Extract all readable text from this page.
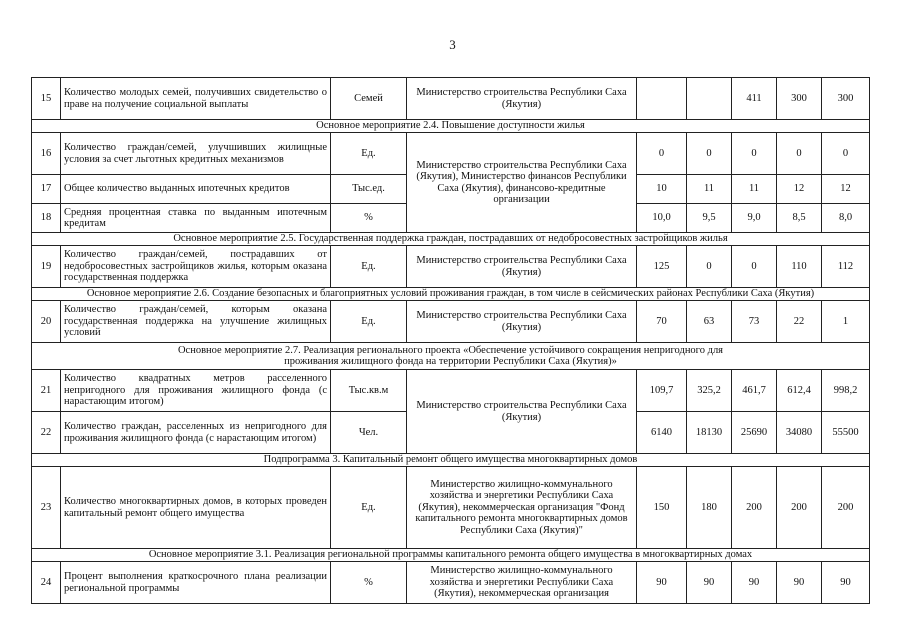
3
15	Количество молодых семей, получивших свидетельство о праве на получение социальной выплаты	Семей	Министерство строительства Республики Саха (Якутия)			411	300	300
Основное мероприятие 2.4. Повышение доступности жилья								
16	Количество граждан/семей, улучшивших жилищные условия за счет льготных кредитных механизмов	Ед.	Министерство строительства Республики Саха (Якутия), Министерство финансов Республики Саха (Якутия), финансово-кредитные организации	0	0	0	0	0
17	Общее количество выданных ипотечных кредитов	Тыс.ед.		10	11	11	12	12
18	Средняя процентная ставка по выданным ипотечным кредитам	%		10,0	9,5	9,0	8,5	8,0
Основное мероприятие 2.5. Государственная поддержка граждан, пострадавших от недобросовестных застройщиков жилья								
19	Количество граждан/семей, пострадавших от недобросовестных застройщиков жилья, которым оказана государственная поддержка	Ед.	Министерство строительства Республики Саха (Якутия)	125	0	0	110	112
Основное мероприятие 2.6. Создание безопасных и благоприятных условий проживания граждан, в том числе в сейсмических районах Республики Саха (Якутия)								
20	Количество граждан/семей, которым оказана государственная поддержка на улучшение жилищных условий	Ед.	Министерство строительства Республики Саха (Якутия)	70	63	73	22	1
Основное мероприятие 2.7. Реализация регионального проекта «Обеспечение устойчивого сокращения непригодного для проживания жилищного фонда на территории Республики Саха (Якутия)»								
21	Количество квадратных метров расселенного непригодного для проживания жилищного фонда (с нарастающим итогом)	Тыс.кв.м	Министерство строительства Республики Саха (Якутия)	109,7	325,2	461,7	612,4	998,2
22	Количество граждан, расселенных из непригодного для проживания жилищного фонда (с нарастающим итогом)	Чел.		6140	18130	25690	34080	55500
Подпрограмма 3. Капитальный ремонт общего имущества многоквартирных домов								
23	Количество многоквартирных домов, в которых проведен капитальный ремонт общего имущества	Ед.	Министерство жилищно-коммунального хозяйства и энергетики Республики Саха (Якутия), некоммерческая организация "Фонд капитального ремонта многоквартирных домов Республики Саха (Якутия)"	150	180	200	200	200
Основное мероприятие 3.1. Реализация региональной программы капитального ремонта общего имущества в многоквартирных домах								
24	Процент выполнения краткосрочного плана реализации региональной программы	%	Министерство жилищно-коммунального хозяйства и энергетики Республики Саха (Якутия), некоммерческая организация	90	90	90	90	90
